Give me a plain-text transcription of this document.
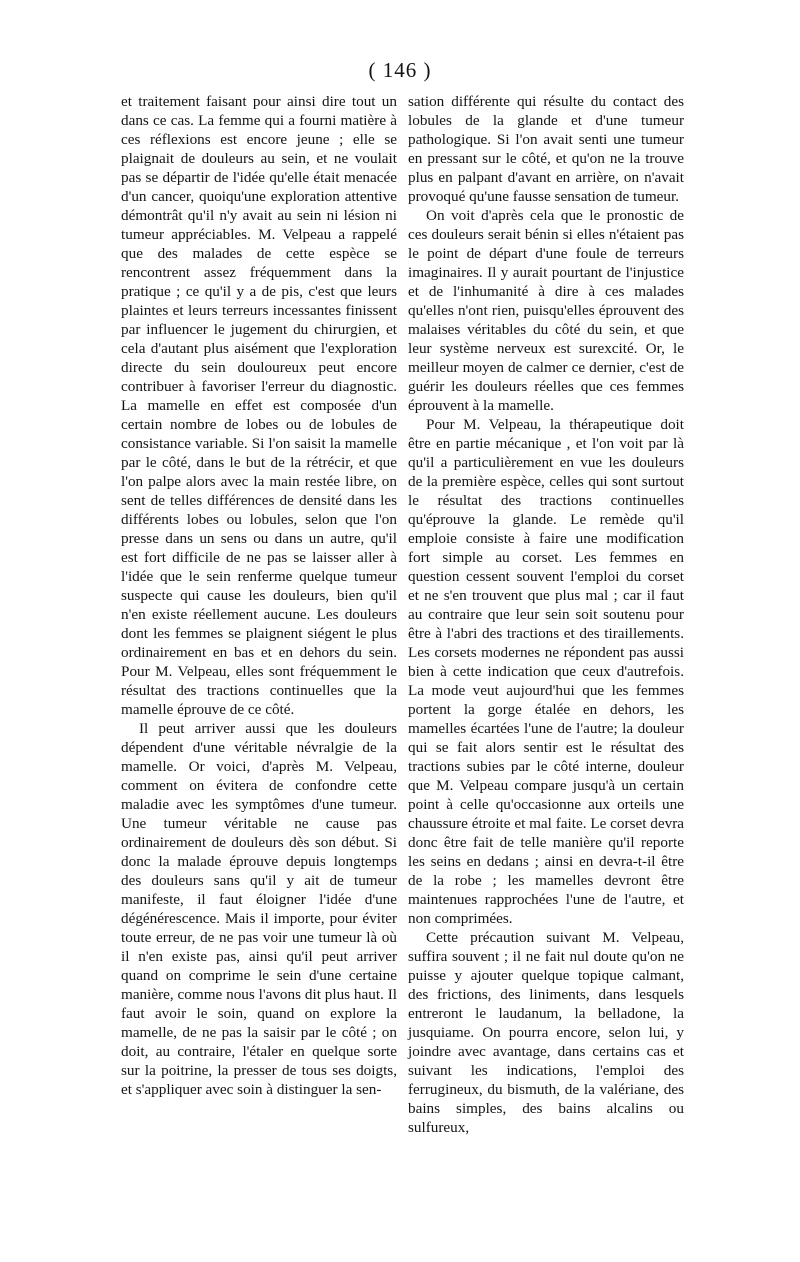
( 146 )

et traitement faisant pour ainsi dire tout un dans ce cas. La femme qui a fourni matière à ces réflexions est encore jeune ; elle se plaignait de douleurs au sein, et ne voulait pas se départir de l'idée qu'elle était menacée d'un cancer, quoiqu'une exploration attentive démontrât qu'il n'y avait au sein ni lésion ni tumeur appréciables. M. Velpeau a rappelé que des malades de cette espèce se rencontrent assez fréquemment dans la pratique ; ce qu'il y a de pis, c'est que leurs plaintes et leurs terreurs incessantes finissent par influencer le jugement du chirurgien, et cela d'autant plus aisément que l'exploration directe du sein douloureux peut encore contribuer à favoriser l'erreur du diagnostic. La mamelle en effet est composée d'un certain nombre de lobes ou de lobules de consistance variable. Si l'on saisit la mamelle par le côté, dans le but de la rétrécir, et que l'on palpe alors avec la main restée libre, on sent de telles différences de densité dans les différents lobes ou lobules, selon que l'on presse dans un sens ou dans un autre, qu'il est fort difficile de ne pas se laisser aller à l'idée que le sein renferme quelque tumeur suspecte qui cause les douleurs, bien qu'il n'en existe réellement aucune. Les douleurs dont les femmes se plaignent siégent le plus ordinairement en bas et en dehors du sein. Pour M. Velpeau, elles sont fréquemment le résultat des tractions continuelles que la mamelle éprouve de ce côté.

Il peut arriver aussi que les douleurs dépendent d'une véritable névralgie de la mamelle. Or voici, d'après M. Velpeau, comment on évitera de confondre cette maladie avec les symptômes d'une tumeur. Une tumeur véritable ne cause pas ordinairement de douleurs dès son début. Si donc la malade éprouve depuis longtemps des douleurs sans qu'il y ait de tumeur manifeste, il faut éloigner l'idée d'une dégénérescence. Mais il importe, pour éviter toute erreur, de ne pas voir une tumeur là où il n'en existe pas, ainsi qu'il peut arriver quand on comprime le sein d'une certaine manière, comme nous l'avons dit plus haut. Il faut avoir le soin, quand on explore la mamelle, de ne pas la saisir par le côté ; on doit, au contraire, l'étaler en quelque sorte sur la poitrine, la presser de tous ses doigts, et s'appliquer avec soin à distinguer la sen-

sation différente qui résulte du contact des lobules de la glande et d'une tumeur pathologique. Si l'on avait senti une tumeur en pressant sur le côté, et qu'on ne la trouve plus en palpant d'avant en arrière, on n'avait provoqué qu'une fausse sensation de tumeur.

On voit d'après cela que le pronostic de ces douleurs serait bénin si elles n'étaient pas le point de départ d'une foule de terreurs imaginaires. Il y aurait pourtant de l'injustice et de l'inhumanité à dire à ces malades qu'elles n'ont rien, puisqu'elles éprouvent des malaises véritables du côté du sein, et que leur système nerveux est surexcité. Or, le meilleur moyen de calmer ce dernier, c'est de guérir les douleurs réelles que ces femmes éprouvent à la mamelle.

Pour M. Velpeau, la thérapeutique doit être en partie mécanique , et l'on voit par là qu'il a particulièrement en vue les douleurs de la première espèce, celles qui sont surtout le résultat des tractions continuelles qu'éprouve la glande. Le remède qu'il emploie consiste à faire une modification fort simple au corset. Les femmes en question cessent souvent l'emploi du corset et ne s'en trouvent que plus mal ; car il faut au contraire que leur sein soit soutenu pour être à l'abri des tractions et des tiraillements. Les corsets modernes ne répondent pas aussi bien à cette indication que ceux d'autrefois. La mode veut aujourd'hui que les femmes portent la gorge étalée en dehors, les mamelles écartées l'une de l'autre; la douleur qui se fait alors sentir est le résultat des tractions subies par le côté interne, douleur que M. Velpeau compare jusqu'à un certain point à celle qu'occasionne aux orteils une chaussure étroite et mal faite. Le corset devra donc être fait de telle manière qu'il reporte les seins en dedans ; ainsi en devra-t-il être de la robe ; les mamelles devront être maintenues rapprochées l'une de l'autre, et non comprimées.

Cette précaution suivant M. Velpeau, suffira souvent ; il ne fait nul doute qu'on ne puisse y ajouter quelque topique calmant, des frictions, des liniments, dans lesquels entreront le laudanum, la belladone, la jusquiame. On pourra encore, selon lui, y joindre avec avantage, dans certains cas et suivant les indications, l'emploi des ferrugineux, du bismuth, de la valériane, des bains simples, des bains alcalins ou sulfureux,
